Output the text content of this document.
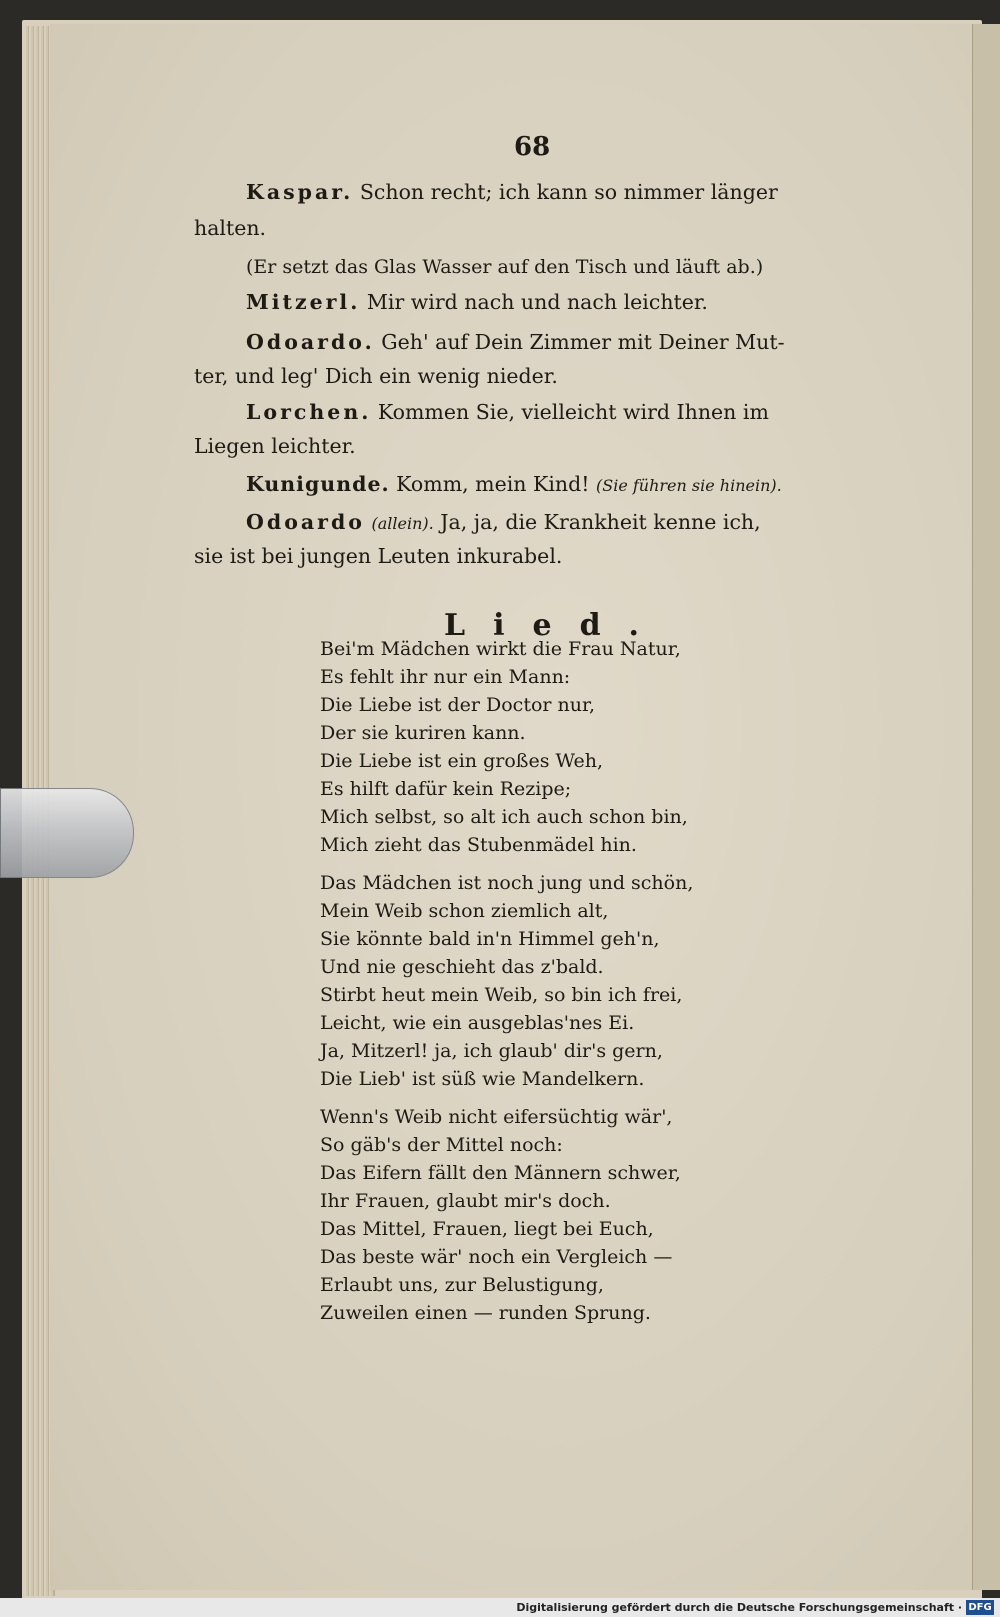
68
Kaspar. Schon recht; ich kann so nimmer länger
halten.
(Er setzt das Glas Wasser auf den Tisch und läuft ab.)
Mitzerl. Mir wird nach und nach leichter.
Odoardo. Geh' auf Dein Zimmer mit Deiner Mut-
ter, und leg' Dich ein wenig nieder.
Lorchen. Kommen Sie, vielleicht wird Ihnen im
Liegen leichter.
Kunigunde. Komm, mein Kind! (Sie führen sie hinein).
Odoardo (allein). Ja, ja, die Krankheit kenne ich,
sie ist bei jungen Leuten inkurabel.
Lied.
Bei'm Mädchen wirkt die Frau Natur,
Es fehlt ihr nur ein Mann:
Die Liebe ist der Doctor nur,
Der sie kuriren kann.
Die Liebe ist ein großes Weh,
Es hilft dafür kein Rezipe;
Mich selbst, so alt ich auch schon bin,
Mich zieht das Stubenmädel hin.
Das Mädchen ist noch jung und schön,
Mein Weib schon ziemlich alt,
Sie könnte bald in'n Himmel geh'n,
Und nie geschieht das z'bald.
Stirbt heut mein Weib, so bin ich frei,
Leicht, wie ein ausgeblas'nes Ei.
Ja, Mitzerl! ja, ich glaub' dir's gern,
Die Lieb' ist süß wie Mandelkern.
Wenn's Weib nicht eifersüchtig wär',
So gäb's der Mittel noch:
Das Eifern fällt den Männern schwer,
Ihr Frauen, glaubt mir's doch.
Das Mittel, Frauen, liegt bei Euch,
Das beste wär' noch ein Vergleich —
Erlaubt uns, zur Belustigung,
Zuweilen einen — runden Sprung.
Digitalisierung gefördert durch die Deutsche Forschungsgemeinschaft · DFG
